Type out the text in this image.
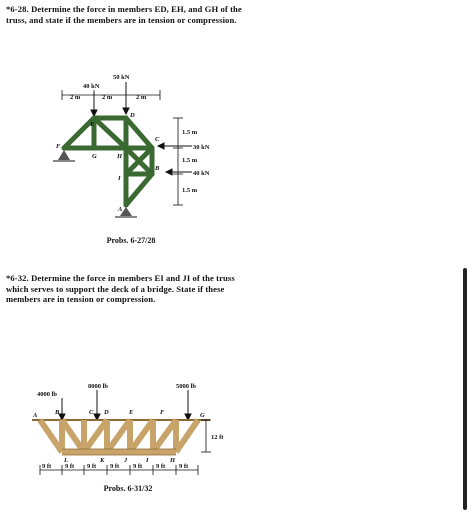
*6-28. Determine the force in members ED, EH, and GH of the truss, and state if the members are in tension or compression.
50 kN
40 kN
2 m	2 m	2 m
1.5 m
1.5 m
1.5 m
30 kN
40 kN
F
E
D
G	H
C
B
I
A
Probs. 6-27/28
*6-32. Determine the force in members EI and JI of the truss which serves to support the deck of a bridge. State if these members are in tension or compression.
4000 lb
8000 lb	5000 lb
12 ft
A	B	C D	E	F	G
L	K	J	I	H
9 ft 9 ft 9 ft 9 ft 9 ft 9 ft 9 ft
Probs. 6-31/32
